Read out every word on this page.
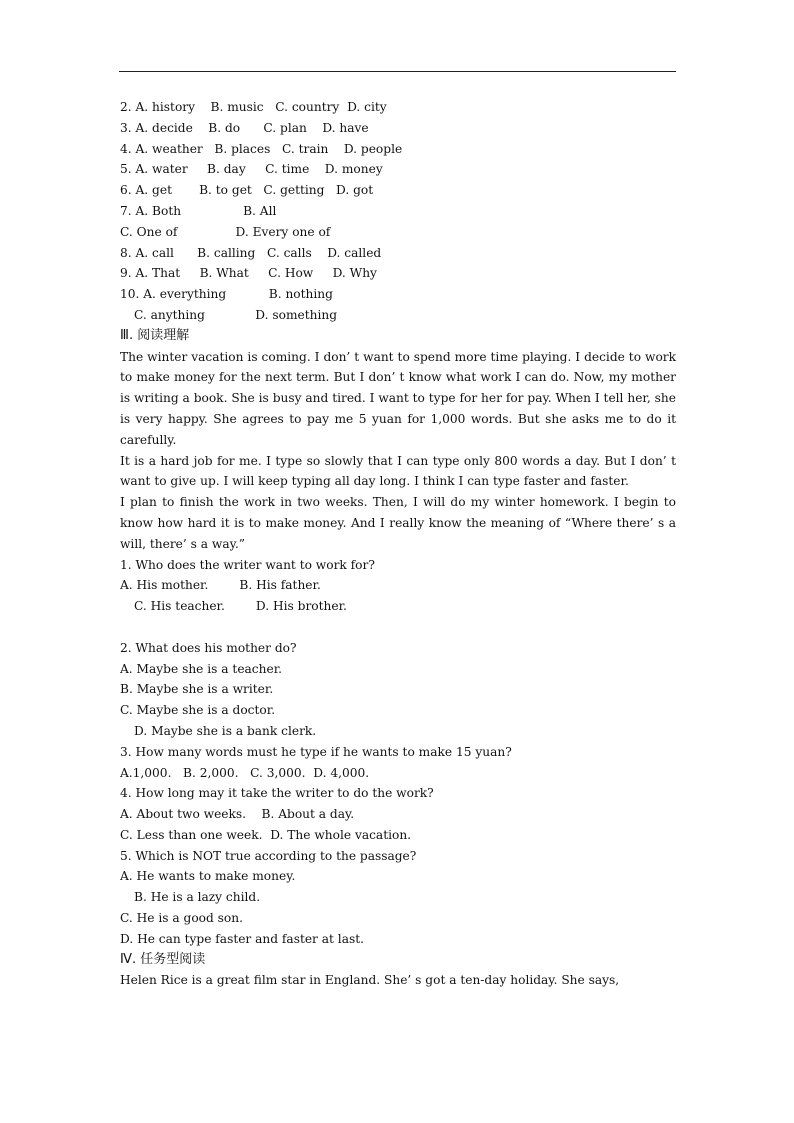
2. A. history    B. music   C. country  D. city
3. A. decide    B. do      C. plan    D. have
4. A. weather   B. places   C. train    D. people
5. A. water     B. day     C. time    D. money
6. A. get       B. to get   C. getting   D. got
7. A. Both                B. All
C. One of               D. Every one of
8. A. call      B. calling   C. calls    D. called
9. A. That     B. What     C. How     D. Why
10. A. everything           B. nothing
C. anything             D. something
Ⅲ. 阅读理解
The winter vacation is coming. I don’ t want to spend more time playing. I decide to work to make money for the next term. But I don’ t know what work I can do. Now, my mother is writing a book. She is busy and tired. I want to type for her for pay. When I tell her, she is very happy. She agrees to pay me 5 yuan for 1,000 words. But she asks me to do it carefully.
It is a hard job for me. I type so slowly that I can type only 800 words a day. But I don’ t want to give up. I will keep typing all day long. I think I can type faster and faster.
I plan to finish the work in two weeks. Then, I will do my winter homework. I begin to know how hard it is to make money. And I really know the meaning of “Where there’ s a will, there’ s a way.”
1. Who does the writer want to work for?
A. His mother.        B. His father.
C. His teacher.        D. His brother.
2. What does his mother do?
A. Maybe she is a teacher.
B. Maybe she is a writer.
C. Maybe she is a doctor.
D. Maybe she is a bank clerk.
3. How many words must he type if he wants to make 15 yuan?
A.1,000.   B. 2,000.   C. 3,000.  D. 4,000.
4. How long may it take the writer to do the work?
A. About two weeks.    B. About a day.
C. Less than one week.  D. The whole vacation.
5. Which is NOT true according to the passage?
A. He wants to make money.
B. He is a lazy child.
C. He is a good son.
D. He can type faster and faster at last.
Ⅳ. 任务型阅读
Helen Rice is a great film star in England. She’ s got a ten-day holiday. She says,
